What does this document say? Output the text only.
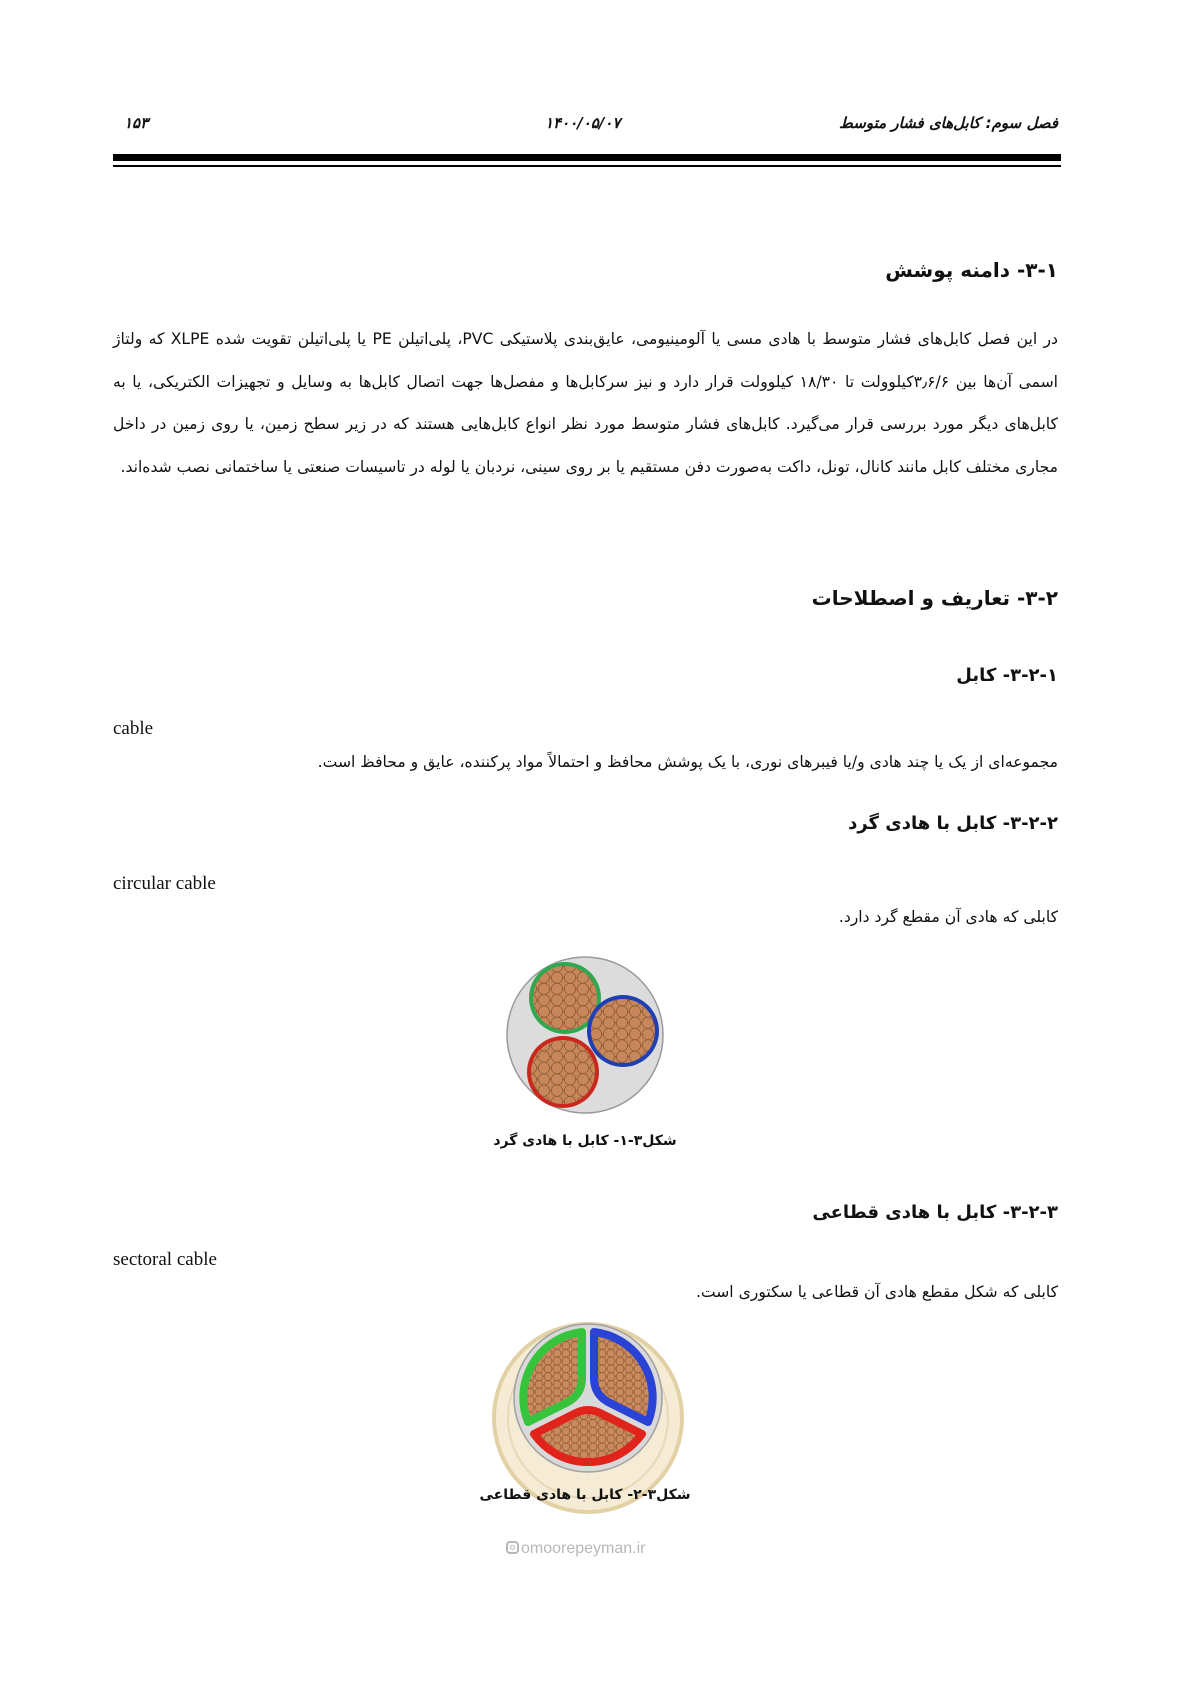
فصل سوم: کابل‌های فشار متوسط
۱۴۰۰/۰۵/۰۷
۱۵۳
۳-۱- دامنه پوشش
در این فصل کابل‌های فشار متوسط با هادی مسی یا آلومینیومی، عایق‌بندی پلاستیکی PVC، پلی‌اتیلن PE یا پلی‌اتیلن تقویت شده XLPE که ولتاژ اسمی آن‌ها بین ۳٫۶/۶کیلوولت تا ۱۸/۳۰ کیلوولت قرار دارد و نیز سرکابل‌ها و مفصل‌ها جهت اتصال کابل‌ها به وسایل و تجهیزات الکتریکی، یا به کابل‌های دیگر مورد بررسی قرار می‌گیرد. کابل‌های فشار متوسط مورد نظر انواع کابل‌هایی هستند که در زیر سطح زمین، یا روی زمین در داخل مجاری مختلف کابل مانند کانال، تونل، داکت به‌صورت دفن مستقیم یا بر روی سینی، نردبان یا لوله در تاسیسات صنعتی یا ساختمانی نصب شده‌اند.
۳-۲- تعاریف و اصطلاحات
۳-۲-۱- کابل
cable
مجموعه‌ای از یک یا چند هادی و/یا فیبرهای نوری، با یک پوشش محافظ و احتمالاً مواد پرکننده، عایق و محافظ است.
۳-۲-۲- کابل با هادی گرد
circular cable
کابلی که هادی آن مقطع گرد دارد.
شکل۳-۱- کابل با هادی گرد
۳-۲-۳- کابل با هادی قطاعی
sectoral cable
کابلی که شکل مقطع هادی آن قطاعی یا سکتوری است.
شکل۳-۲- کابل با هادی قطاعی
omoorepeyman.ir
